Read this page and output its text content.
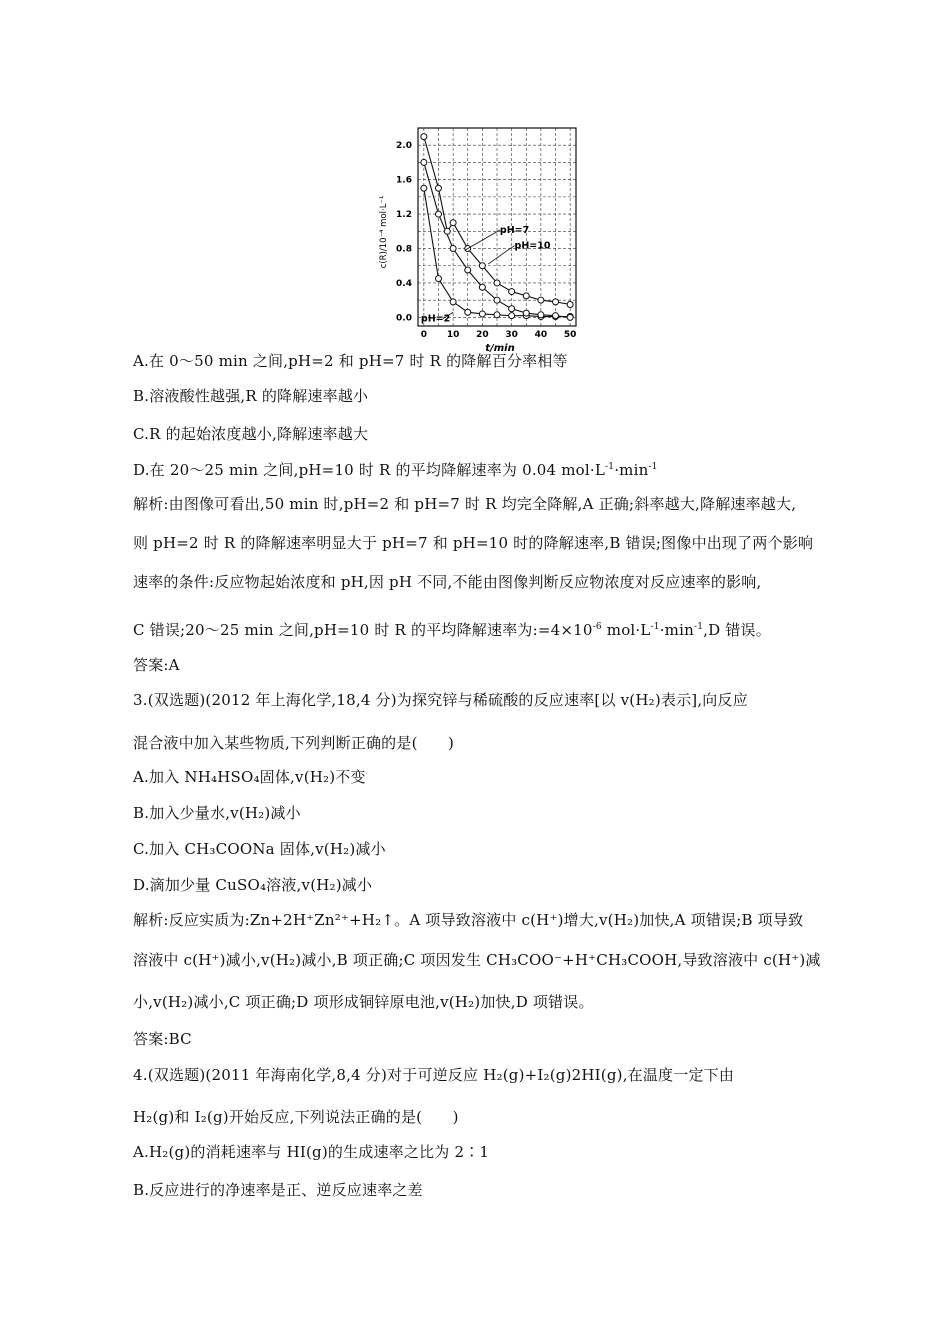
pH=2
pH=7
pH=10
0.0
0.4
0.8
1.2
1.6
2.0
0 10 20 30 40 50
c(R)/10⁻⁴ mol·L⁻¹
t/min
A.在 0～50 min 之间,pH=2 和 pH=7 时 R 的降解百分率相等
B.溶液酸性越强,R 的降解速率越小
C.R 的起始浓度越小,降解速率越大
D.在 20～25 min 之间,pH=10 时 R 的平均降解速率为 0.04 $mol\cdot L^{-1}\cdot\min^{-1}$
解析:由图像可看出,50 min 时,pH=2 和 pH=7 时 R 均完全降解,A 正确;斜率越大,降解速率越大,
则 pH=2 时 R 的降解速率明显大于 pH=7 和 pH=10 时的降解速率,B 错误;图像中出现了两个影响
速率的条件:反应物起始浓度和 pH,因 pH 不同,不能由图像判断反应物浓度对反应速率的影响,
C 错误;20～25 min 之间,pH=10 时 R 的平均降解速率为$:=4\times 10^{-6}$ $mol\cdot L^{-1}\cdot\min^{-1},D$ 错误。
答案:A
3.(双选题)(2012 年上海化学,18,4 分)为探究锌与稀硫酸的反应速率[以 v(H₂)表示],向反应
混合液中加入某些物质,下列判断正确的是(　　)
A.加入 NH₄HSO₄固体,v(H₂)不变
B.加入少量水,v(H₂)减小
C.加入 CH₃COONa 固体,v(H₂)减小
D.滴加少量 CuSO₄溶液,v(H₂)减小
解析:反应实质为:Zn+2H⁺Zn²⁺+H₂↑。A 项导致溶液中 c(H⁺)增大,v(H₂)加快,A 项错误;B 项导致
溶液中 c(H⁺)减小,v(H₂)减小,B 项正确;C 项因发生 CH₃COO⁻+H⁺CH₃COOH,导致溶液中 c(H⁺)减
小,v(H₂)减小,C 项正确;D 项形成铜锌原电池,v(H₂)加快,D 项错误。
答案:BC
4.(双选题)(2011 年海南化学,8,4 分)对于可逆反应 H₂(g)+I₂(g)2HI(g),在温度一定下由
H₂(g)和 I₂(g)开始反应,下列说法正确的是(　　)
A.H₂(g)的消耗速率与 HI(g)的生成速率之比为 2∶1
B.反应进行的净速率是正、逆反应速率之差
